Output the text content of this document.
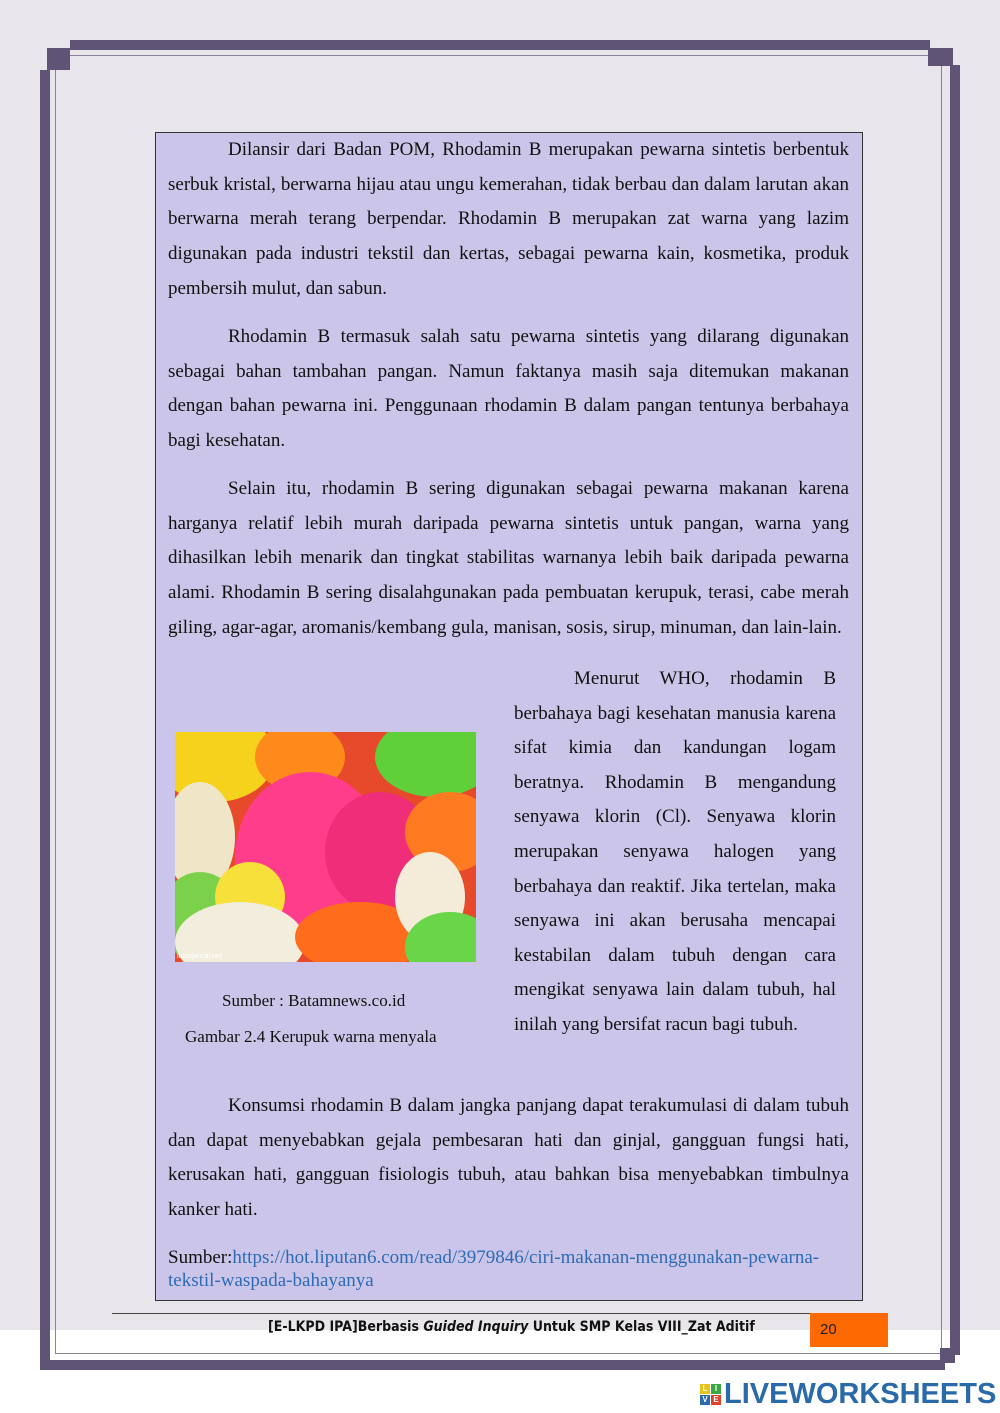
Dilansir dari Badan POM, Rhodamin B merupakan pewarna sintetis berbentuk serbuk kristal, berwarna hijau atau ungu kemerahan, tidak berbau dan dalam larutan akan berwarna merah terang berpendar. Rhodamin B merupakan zat warna yang lazim digunakan pada industri tekstil dan kertas, sebagai pewarna kain, kosmetika, produk pembersih mulut, dan sabun.
Rhodamin B termasuk salah satu pewarna sintetis yang dilarang digunakan sebagai bahan tambahan pangan. Namun faktanya masih saja ditemukan makanan dengan bahan pewarna ini. Penggunaan rhodamin B dalam pangan tentunya berbahaya bagi kesehatan.
Selain itu, rhodamin B sering digunakan sebagai pewarna makanan karena harganya relatif lebih murah daripada pewarna sintetis untuk pangan, warna yang dihasilkan lebih menarik dan tingkat stabilitas warnanya lebih baik daripada pewarna alami. Rhodamin B sering disalahgunakan pada pembuatan kerupuk, terasi, cabe merah giling, agar-agar, aromanis/kembang gula, manisan, sosis, sirup, minuman, dan lain-lain.
Menurut WHO, rhodamin B berbahaya bagi kesehatan manusia karena sifat kimia dan kandungan logam beratnya. Rhodamin B mengandung senyawa klorin (Cl). Senyawa klorin merupakan senyawa halogen yang berbahaya dan reaktif. Jika tertelan, maka senyawa ini akan berusaha mencapai kestabilan dalam tubuh dengan cara mengikat senyawa lain dalam tubuh, hal inilah yang bersifat racun bagi tubuh.
infospesial.net
Sumber : Batamnews.co.id
Gambar 2.4 Kerupuk warna menyala
Konsumsi rhodamin B dalam jangka panjang dapat terakumulasi di dalam tubuh dan dapat menyebabkan gejala pembesaran hati dan ginjal, gangguan fungsi hati, kerusakan hati, gangguan fisiologis tubuh, atau bahkan bisa menyebabkan timbulnya kanker hati.
Sumber:https://hot.liputan6.com/read/3979846/ciri-makanan-menggunakan-pewarna-tekstil-waspada-bahayanya
[E-LKPD IPA]Berbasis Guided Inquiry Untuk SMP Kelas VIII_Zat Aditif	20
L I
V E LIVEWORKSHEETS
